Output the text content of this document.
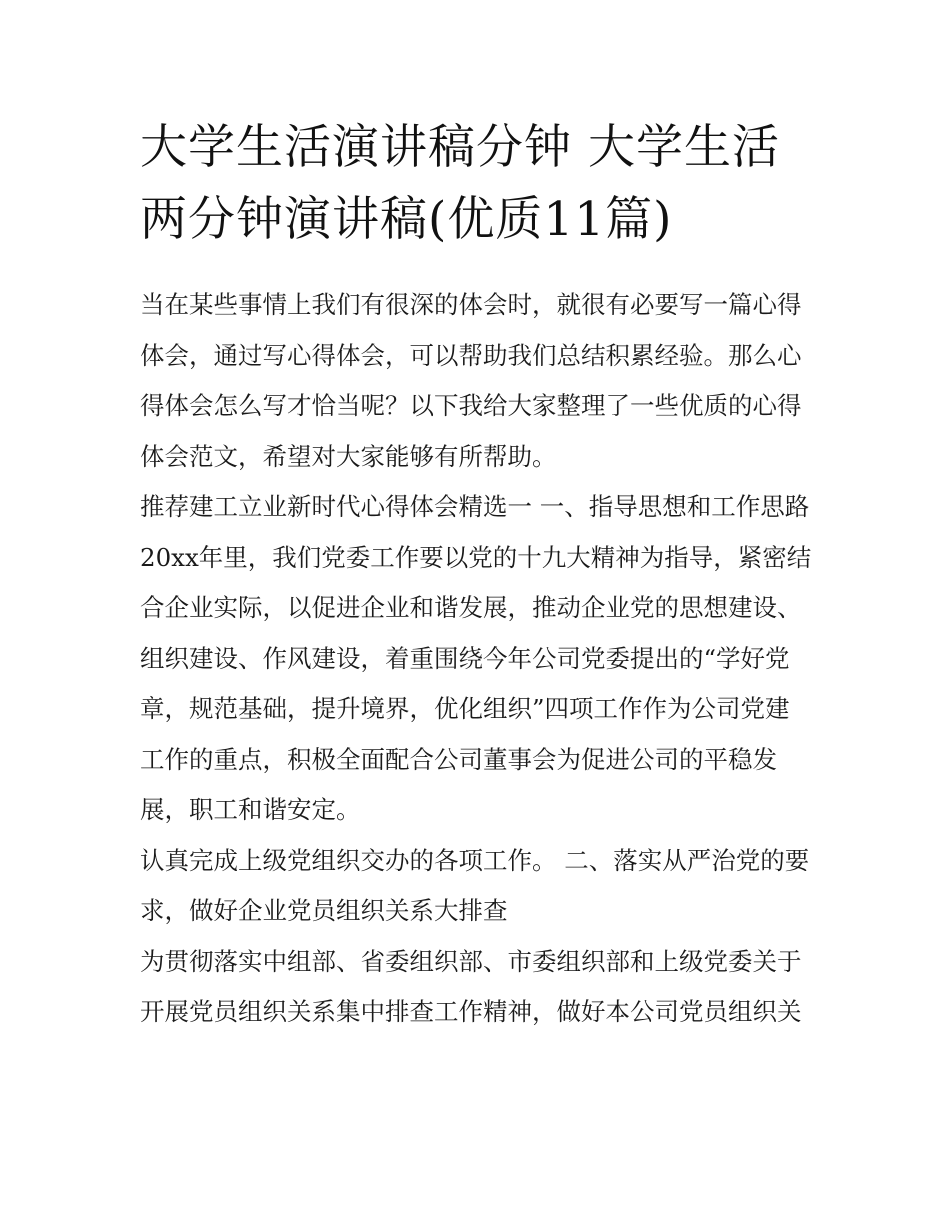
大学生活演讲稿分钟 大学生活两分钟演讲稿(优质11篇)

当在某些事情上我们有很深的体会时，就很有必要写一篇心得体会，通过写心得体会，可以帮助我们总结积累经验。那么心得体会怎么写才恰当呢？以下我给大家整理了一些优质的心得体会范文，希望对大家能够有所帮助。

推荐建工立业新时代心得体会精选一 一、指导思想和工作思路

20xx年里，我们党委工作要以党的十九大精神为指导，紧密结合企业实际，以促进企业和谐发展，推动企业党的思想建设、组织建设、作风建设，着重围绕今年公司党委提出的“学好党章，规范基础，提升境界，优化组织”四项工作作为公司党建工作的重点，积极全面配合公司董事会为促进公司的平稳发展，职工和谐安定。

认真完成上级党组织交办的各项工作。 二、落实从严治党的要求，做好企业党员组织关系大排查

为贯彻落实中组部、省委组织部、市委组织部和上级党委关于开展党员组织关系集中排查工作精神，做好本公司党员组织关
